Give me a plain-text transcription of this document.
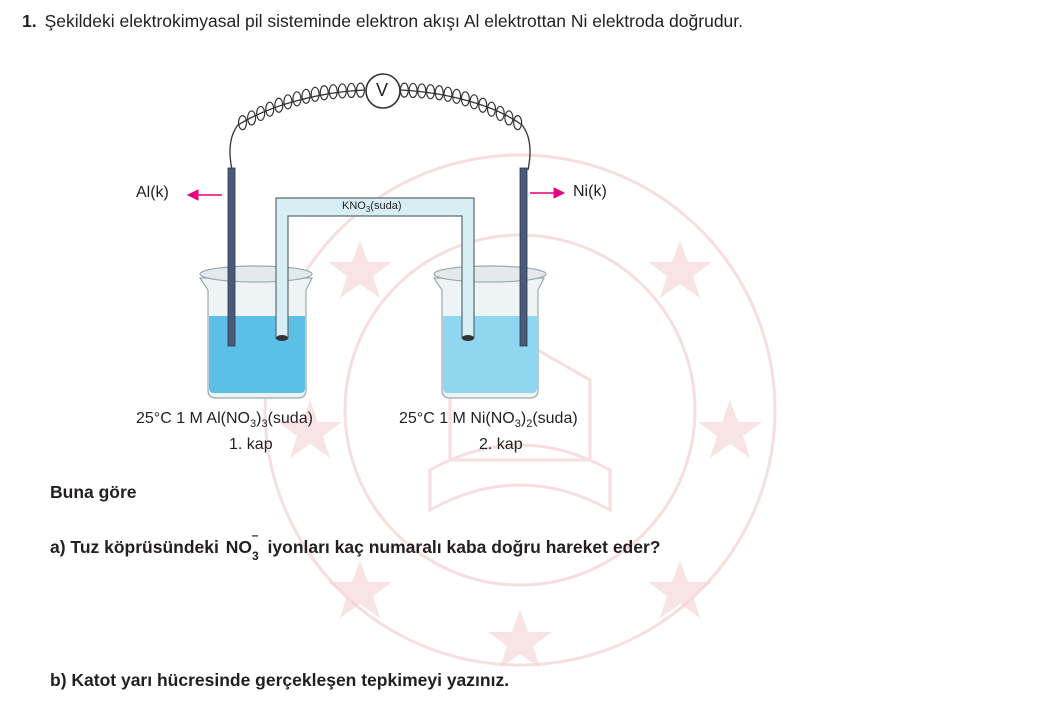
1. Şekildeki elektrokimyasal pil sisteminde elektron akışı Al elektrottan Ni elektroda doğrudur.
V
Al(k)	Ni(k)
$KNO_3(suda)$
25°C 1 M $Al(NO_3)_3(suda)$
1. kap
25°C 1 M $Ni(NO_3)_2(suda)$
2. kap
Buna göre
a) Tuz köprüsündeki $NO_3$
–
iyonları kaç numaralı kaba doğru hareket eder?
b) Katot yarı hücresinde gerçekleşen tepkimeyi yazınız.
